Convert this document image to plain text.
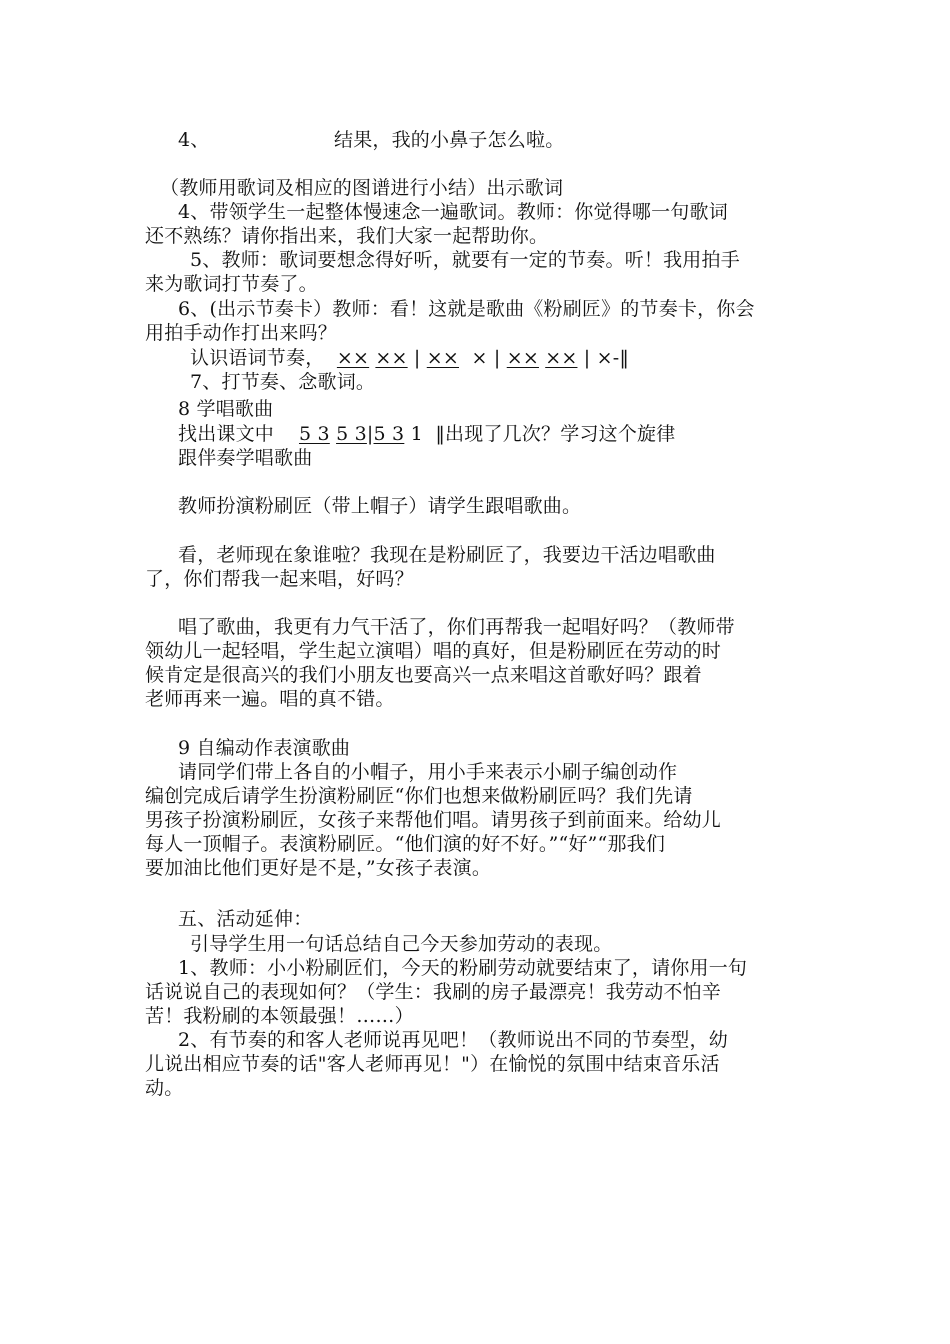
4、	结果，我的小鼻子怎么啦。
（教师用歌词及相应的图谱进行小结）出示歌词
4、带领学生一起整体慢速念一遍歌词。教师：你觉得哪一句歌词
还不熟练？请你指出来，我们大家一起帮助你。
5、教师：歌词要想念得好听，就要有一定的节奏。听！我用拍手
来为歌词打节奏了。
6、(出示节奏卡）教师：看！这就是歌曲《粉刷匠》的节奏卡，你会
用拍手动作打出来吗？
认识语词节奏， ×× ×× | ×× × | ×× ×× | ×-‖
7、打节奏、念歌词。
8 学唱歌曲
找出课文中 5 3 5 3|5 3 1 ‖出现了几次？学习这个旋律
跟伴奏学唱歌曲
教师扮演粉刷匠（带上帽子）请学生跟唱歌曲。
看，老师现在象谁啦？我现在是粉刷匠了，我要边干活边唱歌曲
了，你们帮我一起来唱，好吗？
唱了歌曲，我更有力气干活了，你们再帮我一起唱好吗？（教师带
领幼儿一起轻唱，学生起立演唱）唱的真好，但是粉刷匠在劳动的时
候肯定是很高兴的我们小朋友也要高兴一点来唱这首歌好吗？跟着
老师再来一遍。唱的真不错。
9 自编动作表演歌曲
请同学们带上各自的小帽子，用小手来表示小刷子编创动作
编创完成后请学生扮演粉刷匠“你们也想来做粉刷匠吗？我们先请
男孩子扮演粉刷匠，女孩子来帮他们唱。请男孩子到前面来。给幼儿
每人一顶帽子。表演粉刷匠。“他们演的好不好。”“好”“那我们
要加油比他们更好是不是，”女孩子表演。
五、活动延伸：
引导学生用一句话总结自己今天参加劳动的表现。
1、教师：小小粉刷匠们，今天的粉刷劳动就要结束了，请你用一句
话说说自己的表现如何？（学生：我刷的房子最漂亮！我劳动不怕辛
苦！我粉刷的本领最强！……）
2、有节奏的和客人老师说再见吧！（教师说出不同的节奏型，幼
儿说出相应节奏的话"客人老师再见！"）在愉悦的氛围中结束音乐活
动。
